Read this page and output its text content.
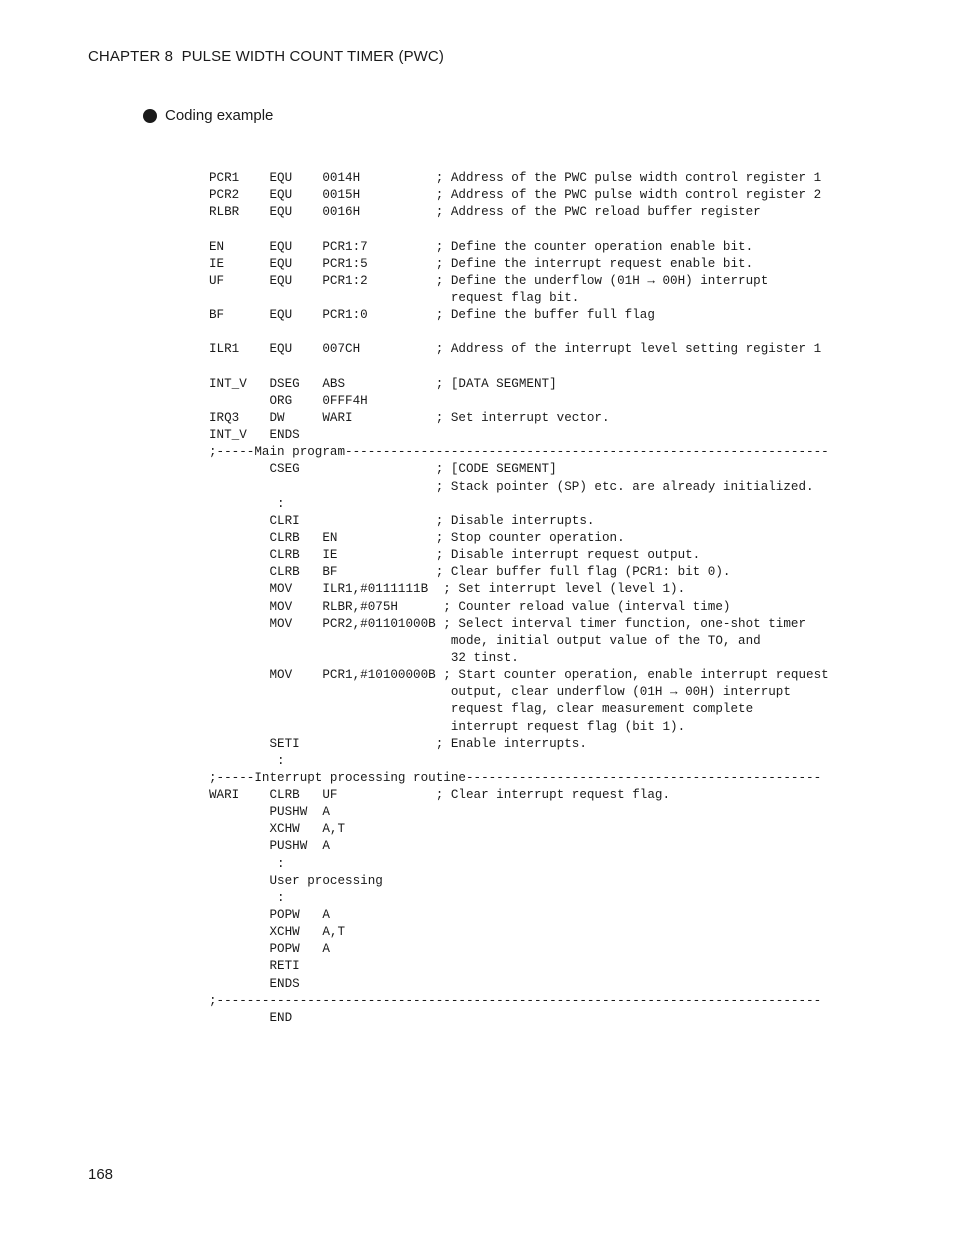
CHAPTER 8  PULSE WIDTH COUNT TIMER (PWC)
Coding example
PCR1    EQU    0014H          ; Address of the PWC pulse width control register 1
PCR2    EQU    0015H          ; Address of the PWC pulse width control register 2
RLBR    EQU    0016H          ; Address of the PWC reload buffer register
EN      EQU    PCR1:7         ; Define the counter operation enable bit.
IE      EQU    PCR1:5         ; Define the interrupt request enable bit.
UF      EQU    PCR1:2         ; Define the underflow (01H → 00H) interrupt
request flag bit.
BF      EQU    PCR1:0         ; Define the buffer full flag
ILR1    EQU    007CH          ; Address of the interrupt level setting register 1
INT_V   DSEG   ABS            ; [DATA SEGMENT]
ORG    0FFF4H
IRQ3    DW     WARI           ; Set interrupt vector.
INT_V   ENDS
;-----Main program----------------------------------------------------------------
CSEG                  ; [CODE SEGMENT]
; Stack pointer (SP) etc. are already initialized.
:
CLRI                  ; Disable interrupts.
CLRB   EN             ; Stop counter operation.
CLRB   IE             ; Disable interrupt request output.
CLRB   BF             ; Clear buffer full flag (PCR1: bit 0).
MOV    ILR1,#0111111B  ; Set interrupt level (level 1).
MOV    RLBR,#075H      ; Counter reload value (interval time)
MOV    PCR2,#01101000B ; Select interval timer function, one-shot timer
mode, initial output value of the TO, and
32 tinst.
MOV    PCR1,#10100000B ; Start counter operation, enable interrupt request
output, clear underflow (01H → 00H) interrupt
request flag, clear measurement complete
interrupt request flag (bit 1).
SETI                  ; Enable interrupts.
:
;-----Interrupt processing routine-----------------------------------------------
WARI    CLRB   UF             ; Clear interrupt request flag.
PUSHW  A
XCHW   A,T
PUSHW  A
:
User processing
:
POPW   A
XCHW   A,T
POPW   A
RETI
ENDS
;--------------------------------------------------------------------------------
END
168
